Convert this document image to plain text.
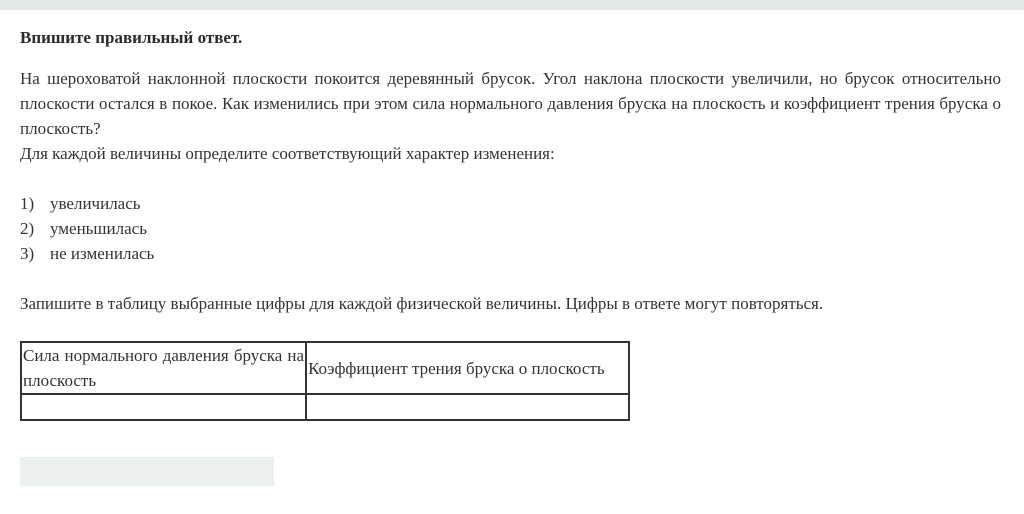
Впишите правильный ответ.

На шероховатой наклонной плоскости покоится деревянный брусок. Угол наклона плоскости увеличили, но брусок относительно плоскости остался в покое. Как изменились при этом сила нормального давления бруска на плоскость и коэффициент трения бруска о плоскость?

Для каждой величины определите соответствующий характер изменения:

1) увеличилась
2) уменьшилась
3) не изменилась

Запишите в таблицу выбранные цифры для каждой физической величины. Цифры в ответе могут повторяться.

Сила нормального давления бруска на плоскость	Коэффициент трения бруска о плоскость
